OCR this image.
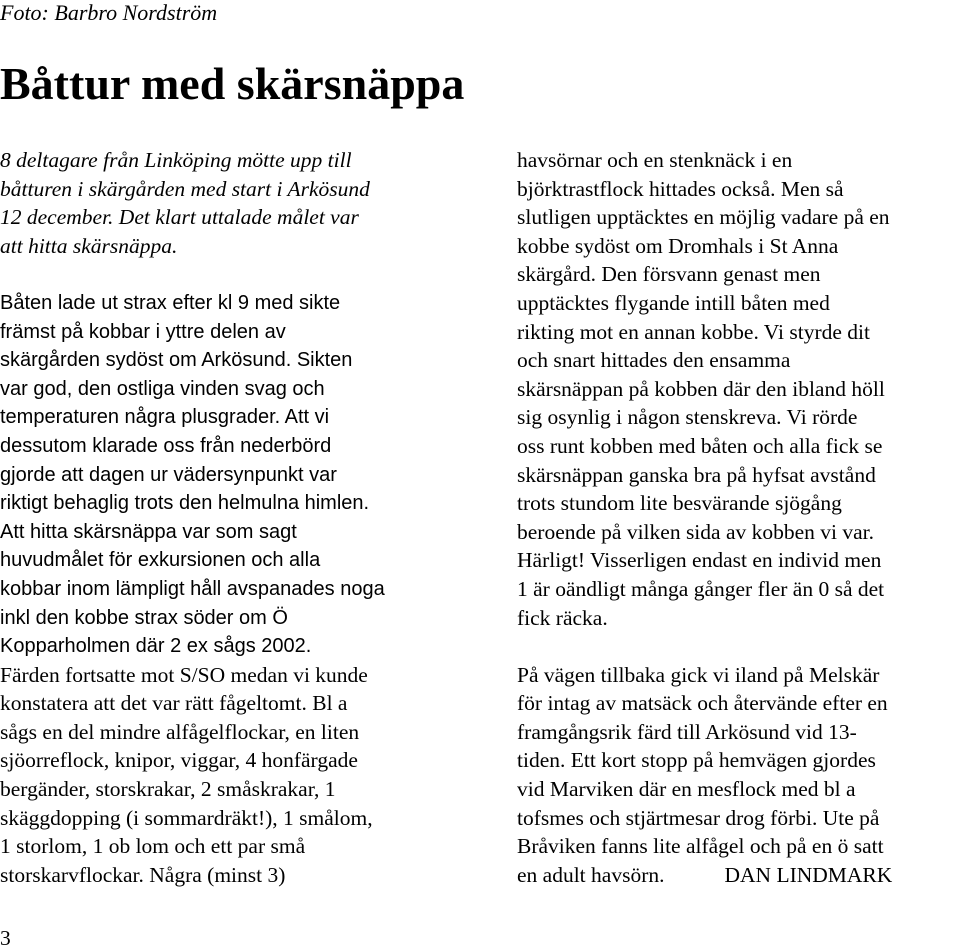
Foto: Barbro Nordström
Båttur med skärsnäppa
8 deltagare från Linköping mötte upp till
båtturen i skärgården med start i Arkösund
12 december. Det klart uttalade målet var
att hitta skärsnäppa.
Båten lade ut strax efter kl 9 med sikte
främst på kobbar i yttre delen av
skärgården sydöst om Arkösund. Sikten
var god, den ostliga vinden svag och
temperaturen några plusgrader. Att vi
dessutom klarade oss från nederbörd
gjorde att dagen ur vädersynpunkt var
riktigt behaglig trots den helmulna himlen.
Att hitta skärsnäppa var som sagt
huvudmålet för exkursionen och alla
kobbar inom lämpligt håll avspanades noga
inkl den kobbe strax söder om Ö
Kopparholmen där 2 ex sågs 2002.
Färden fortsatte mot S/SO medan vi kunde
konstatera att det var rätt fågeltomt. Bl a
sågs en del mindre alfågelflockar, en liten
sjöorreflock, knipor, viggar, 4 honfärgade
bergänder, storskrakar, 2 småskrakar, 1
skäggdopping (i sommardräkt!), 1 smålom,
1 storlom, 1 ob lom och ett par små
storskarvflockar. Några (minst 3)
havsörnar och en stenknäck i en
björktrastflock hittades också. Men så
slutligen upptäcktes en möjlig vadare på en
kobbe sydöst om Dromhals i St Anna
skärgård. Den försvann genast men
upptäcktes flygande intill båten med
rikting mot en annan kobbe. Vi styrde dit
och snart hittades den ensamma
skärsnäppan på kobben där den ibland höll
sig osynlig i någon stenskreva. Vi rörde
oss runt kobben med båten och alla fick se
skärsnäppan ganska bra på hyfsat avstånd
trots stundom lite besvärande sjögång
beroende på vilken sida av kobben vi var.
Härligt! Visserligen endast en individ men
1 är oändligt många gånger fler än 0 så det
fick räcka.
På vägen tillbaka gick vi iland på Melskär
för intag av matsäck och återvände efter en
framgångsrik färd till Arkösund vid 13-
tiden. Ett kort stopp på hemvägen gjordes
vid Marviken där en mesflock med bl a
tofsmes och stjärtmesar drog förbi. Ute på
Bråviken fanns lite alfågel och på en ö satt
en adult havsörn.	DAN LINDMARK
3
